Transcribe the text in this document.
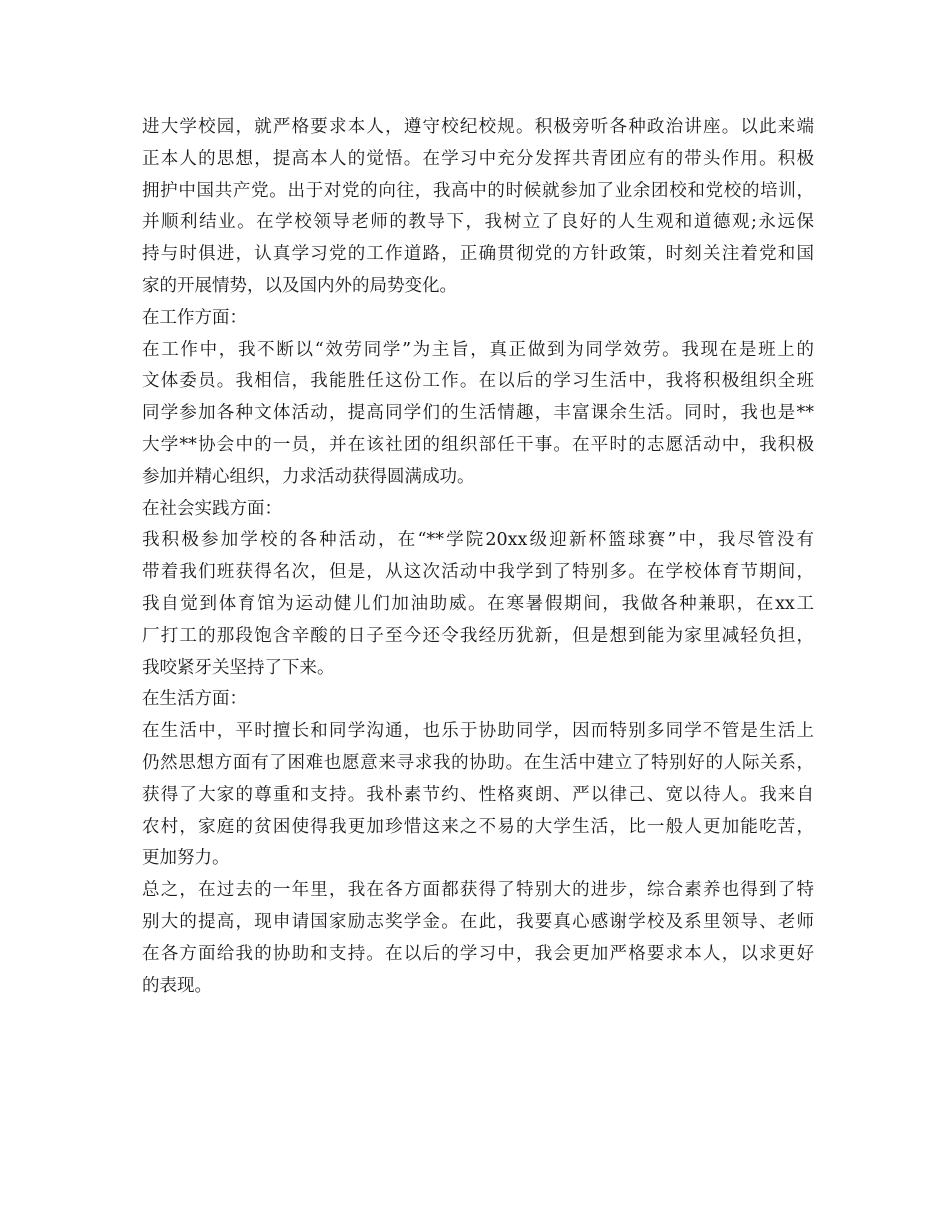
进大学校园，就严格要求本人，遵守校纪校规。积极旁听各种政治讲座。以此来端
正本人的思想，提高本人的觉悟。在学习中充分发挥共青团应有的带头作用。积极
拥护中国共产党。出于对党的向往，我高中的时候就参加了业余团校和党校的培训，
并顺利结业。在学校领导老师的教导下，我树立了良好的人生观和道德观;永远保
持与时俱进，认真学习党的工作道路，正确贯彻党的方针政策，时刻关注着党和国
家的开展情势，以及国内外的局势变化。
在工作方面：
在工作中，我不断以“效劳同学”为主旨，真正做到为同学效劳。我现在是班上的
文体委员。我相信，我能胜任这份工作。在以后的学习生活中，我将积极组织全班
同学参加各种文体活动，提高同学们的生活情趣，丰富课余生活。同时，我也是**
大学**协会中的一员，并在该社团的组织部任干事。在平时的志愿活动中，我积极
参加并精心组织，力求活动获得圆满成功。
在社会实践方面：
我积极参加学校的各种活动，在“**学院20xx级迎新杯篮球赛”中，我尽管没有
带着我们班获得名次，但是，从这次活动中我学到了特别多。在学校体育节期间，
我自觉到体育馆为运动健儿们加油助威。在寒暑假期间，我做各种兼职，在xx工
厂打工的那段饱含辛酸的日子至今还令我经历犹新，但是想到能为家里减轻负担，
我咬紧牙关坚持了下来。
在生活方面：
在生活中，平时擅长和同学沟通，也乐于协助同学，因而特别多同学不管是生活上
仍然思想方面有了困难也愿意来寻求我的协助。在生活中建立了特别好的人际关系，
获得了大家的尊重和支持。我朴素节约、性格爽朗、严以律己、宽以待人。我来自
农村，家庭的贫困使得我更加珍惜这来之不易的大学生活，比一般人更加能吃苦，
更加努力。
总之，在过去的一年里，我在各方面都获得了特别大的进步，综合素养也得到了特
别大的提高，现申请国家励志奖学金。在此，我要真心感谢学校及系里领导、老师
在各方面给我的协助和支持。在以后的学习中，我会更加严格要求本人，以求更好
的表现。
